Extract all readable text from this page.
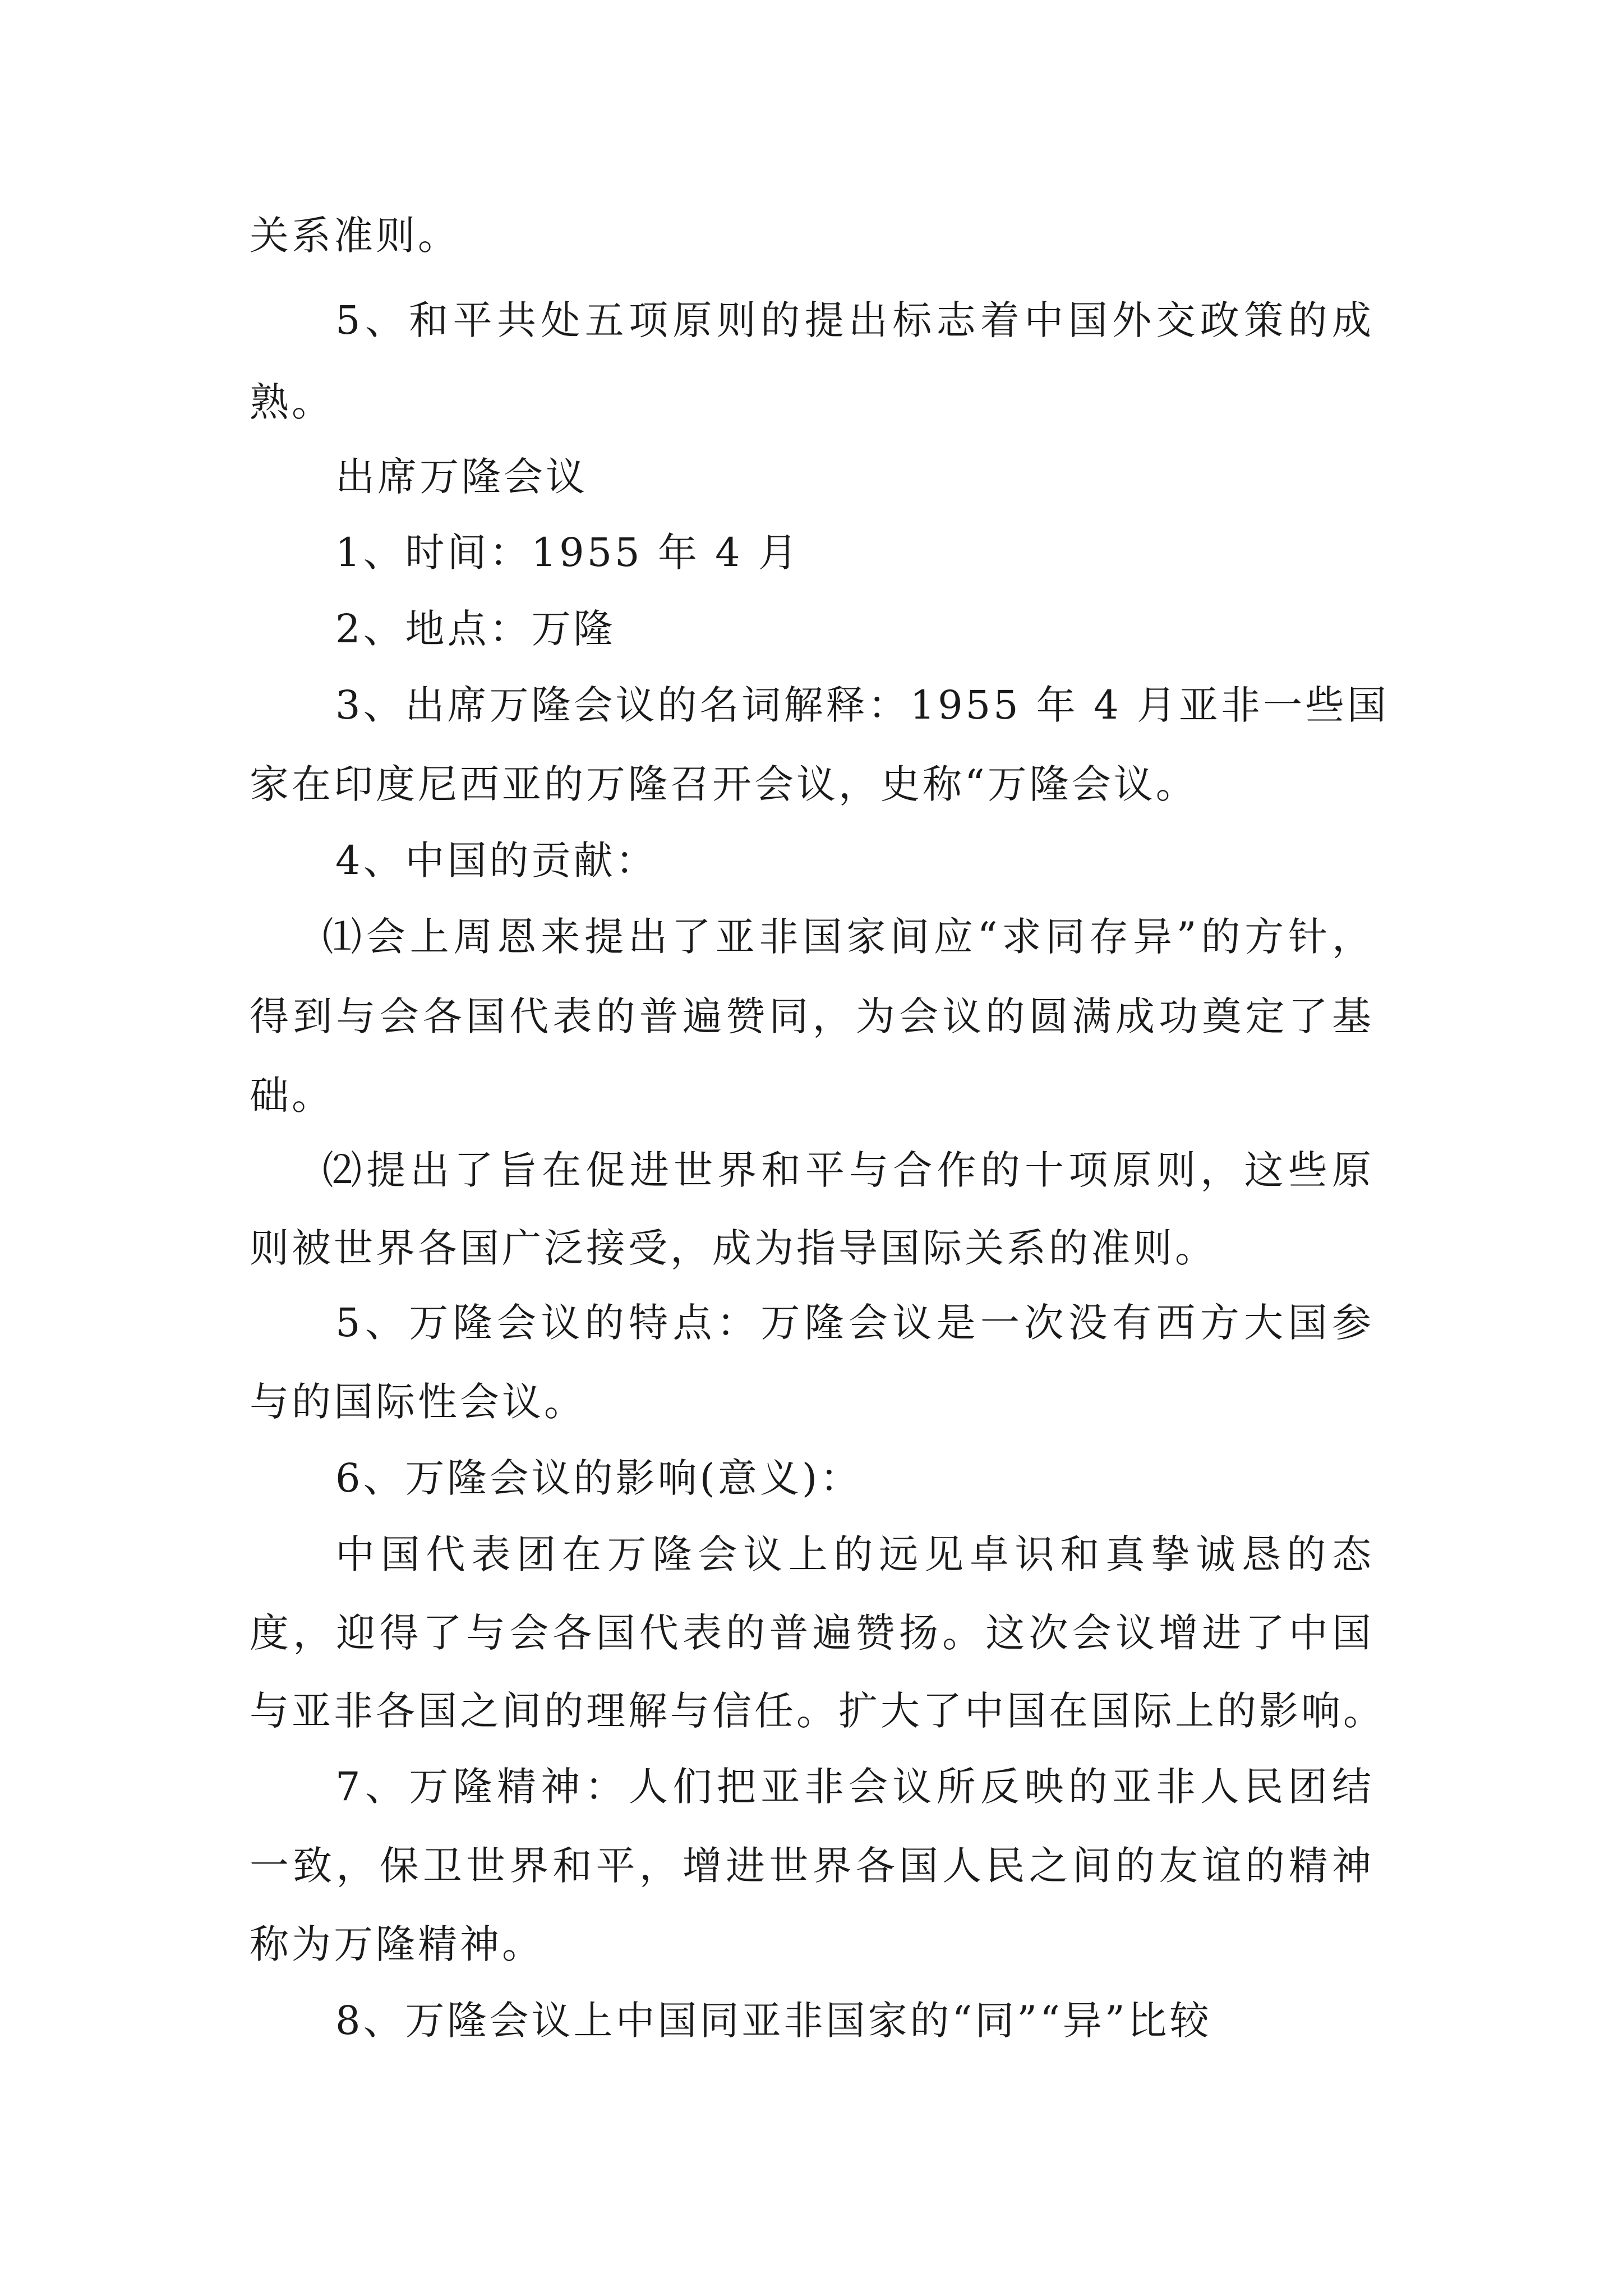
关系准则。
5、和平共处五项原则的提出标志着中国外交政策的成
熟。
出席万隆会议
1、时间：1955 年 4 月
2、地点：万隆
3、出席万隆会议的名词解释：1955 年 4 月亚非一些国
家在印度尼西亚的万隆召开会议，史称“万隆会议。
4、中国的贡献：
⑴会上周恩来提出了亚非国家间应“求同存异”的方针，
得到与会各国代表的普遍赞同，为会议的圆满成功奠定了基
础。
⑵提出了旨在促进世界和平与合作的十项原则，这些原
则被世界各国广泛接受，成为指导国际关系的准则。
5、万隆会议的特点：万隆会议是一次没有西方大国参
与的国际性会议。
6、万隆会议的影响(意义)：
中国代表团在万隆会议上的远见卓识和真挚诚恳的态
度，迎得了与会各国代表的普遍赞扬。这次会议增进了中国
与亚非各国之间的理解与信任。扩大了中国在国际上的影响。
7、万隆精神：人们把亚非会议所反映的亚非人民团结
一致，保卫世界和平，增进世界各国人民之间的友谊的精神
称为万隆精神。
8、万隆会议上中国同亚非国家的“同”“异”比较
